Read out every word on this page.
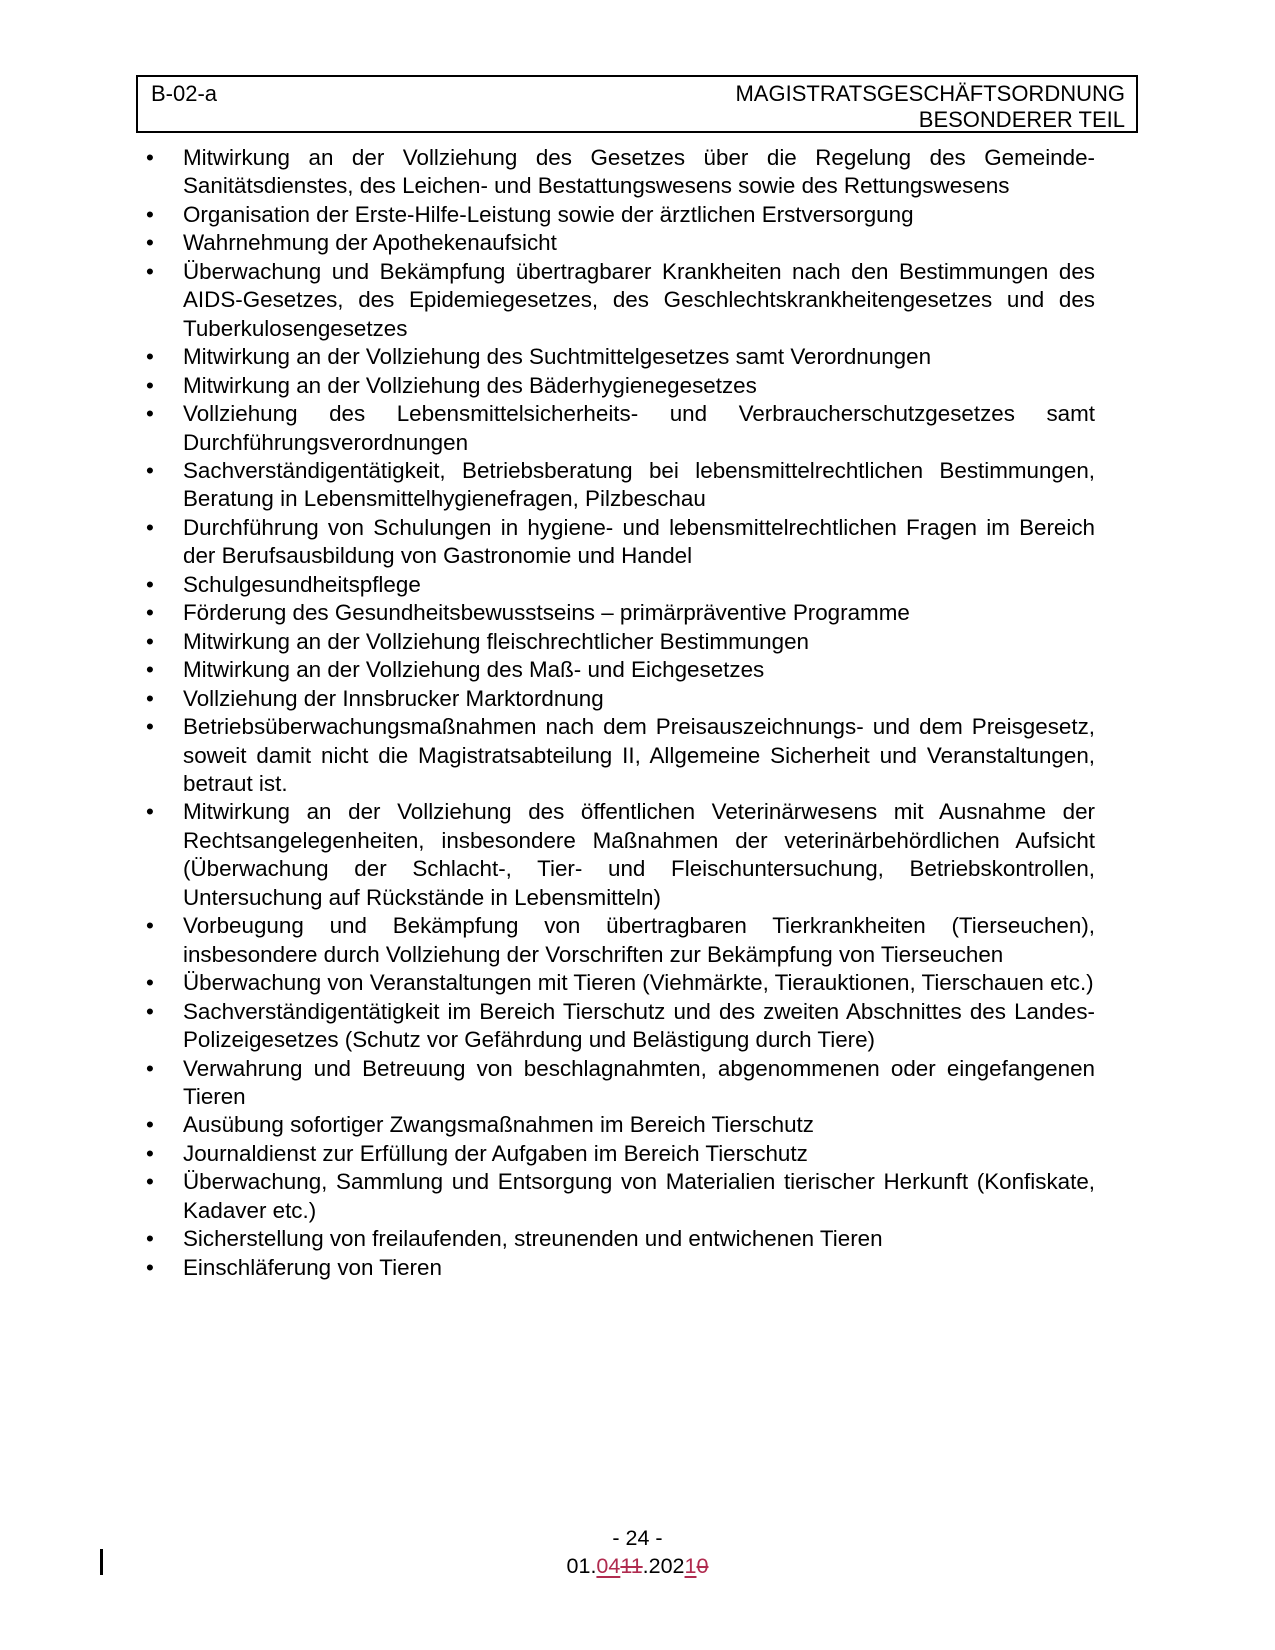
B-02-a	MAGISTRATSGESCHÄFTSORDNUNG
BESONDERER TEIL
• Mitwirkung an der Vollziehung des Gesetzes über die Regelung des Gemeinde-Sanitätsdienstes, des Leichen- und Bestattungswesens sowie des Rettungswesens
• Organisation der Erste-Hilfe-Leistung sowie der ärztlichen Erstversorgung
• Wahrnehmung der Apothekenaufsicht
• Überwachung und Bekämpfung übertragbarer Krankheiten nach den Bestimmungen des AIDS-Gesetzes, des Epidemiegesetzes, des Geschlechtskrankheitengesetzes und des Tuberkulosengesetzes
• Mitwirkung an der Vollziehung des Suchtmittelgesetzes samt Verordnungen
• Mitwirkung an der Vollziehung des Bäderhygienegesetzes
• Vollziehung des Lebensmittelsicherheits- und Verbraucherschutzgesetzes samt Durchführungsverordnungen
• Sachverständigentätigkeit, Betriebsberatung bei lebensmittelrechtlichen Bestimmungen, Beratung in Lebensmittelhygienefragen, Pilzbeschau
• Durchführung von Schulungen in hygiene- und lebensmittelrechtlichen Fragen im Bereich der Berufsausbildung von Gastronomie und Handel
• Schulgesundheitspflege
• Förderung des Gesundheitsbewusstseins – primärpräventive Programme
• Mitwirkung an der Vollziehung fleischrechtlicher Bestimmungen
• Mitwirkung an der Vollziehung des Maß- und Eichgesetzes
• Vollziehung der Innsbrucker Marktordnung
• Betriebsüberwachungsmaßnahmen nach dem Preisauszeichnungs- und dem Preisgesetz, soweit damit nicht die Magistratsabteilung II, Allgemeine Sicherheit und Veranstaltungen, betraut ist.
• Mitwirkung an der Vollziehung des öffentlichen Veterinärwesens mit Ausnahme der Rechtsangelegenheiten, insbesondere Maßnahmen der veterinärbehördlichen Aufsicht (Überwachung der Schlacht-, Tier- und Fleischuntersuchung, Betriebskontrollen, Untersuchung auf Rückstände in Lebensmitteln)
• Vorbeugung und Bekämpfung von übertragbaren Tierkrankheiten (Tierseuchen), insbesondere durch Vollziehung der Vorschriften zur Bekämpfung von Tierseuchen
• Überwachung von Veranstaltungen mit Tieren (Viehmärkte, Tierauktionen, Tierschauen etc.)
• Sachverständigentätigkeit im Bereich Tierschutz und des zweiten Abschnittes des Landes-Polizeigesetzes (Schutz vor Gefährdung und Belästigung durch Tiere)
• Verwahrung und Betreuung von beschlagnahmten, abgenommenen oder eingefangenen Tieren
• Ausübung sofortiger Zwangsmaßnahmen im Bereich Tierschutz
• Journaldienst zur Erfüllung der Aufgaben im Bereich Tierschutz
• Überwachung, Sammlung und Entsorgung von Materialien tierischer Herkunft (Konfiskate, Kadaver etc.)
• Sicherstellung von freilaufenden, streunenden und entwichenen Tieren
• Einschläferung von Tieren
- 24 -
01.0411.20210
